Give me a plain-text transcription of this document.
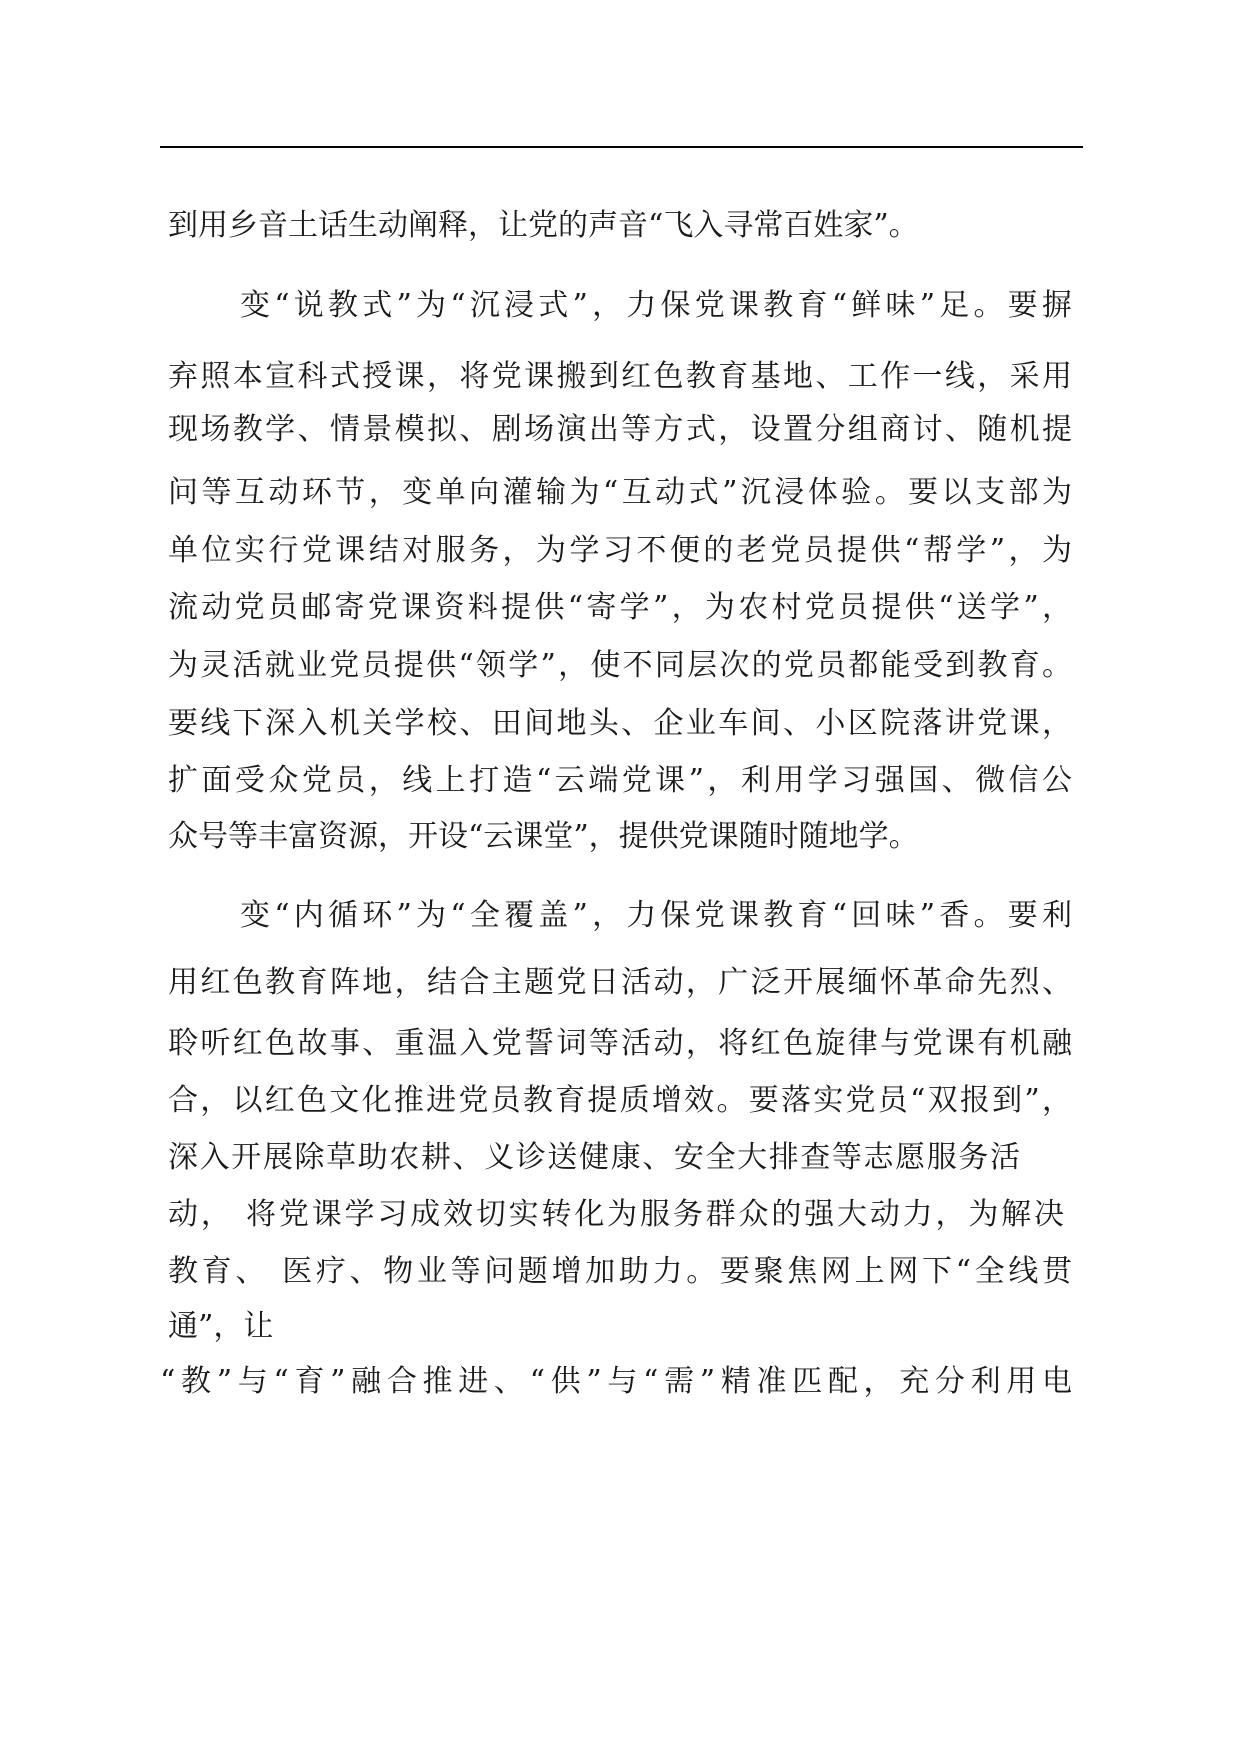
到用乡音土话生动阐释，让党的声音“飞入寻常百姓家”。
变“说教式”为“沉浸式”，力保党课教育“鲜味”足。要摒
弃照本宣科式授课，将党课搬到红色教育基地、工作一线，采用
现场教学、情景模拟、剧场演出等方式，设置分组商讨、随机提
问等互动环节，变单向灌输为“互动式”沉浸体验。要以支部为
单位实行党课结对服务，为学习不便的老党员提供“帮学”，为
流动党员邮寄党课资料提供“寄学”，为农村党员提供“送学”，
为灵活就业党员提供“领学”，使不同层次的党员都能受到教育。
要线下深入机关学校、田间地头、企业车间、小区院落讲党课，
扩面受众党员，线上打造“云端党课”，利用学习强国、微信公
众号等丰富资源，开设“云课堂”，提供党课随时随地学。
变“内循环”为“全覆盖”，力保党课教育“回味”香。要利
用红色教育阵地，结合主题党日活动，广泛开展缅怀革命先烈、
聆听红色故事、重温入党誓词等活动，将红色旋律与党课有机融
合，以红色文化推进党员教育提质增效。要落实党员“双报到”，
深入开展除草助农耕、义诊送健康、安全大排查等志愿服务活
动， 将党课学习成效切实转化为服务群众的强大动力，为解决
教育、 医疗、物业等问题增加助力。要聚焦网上网下“全线贯
通”，让
“教”与“育”融合推进、“供”与“需”精准匹配，充分利用电
